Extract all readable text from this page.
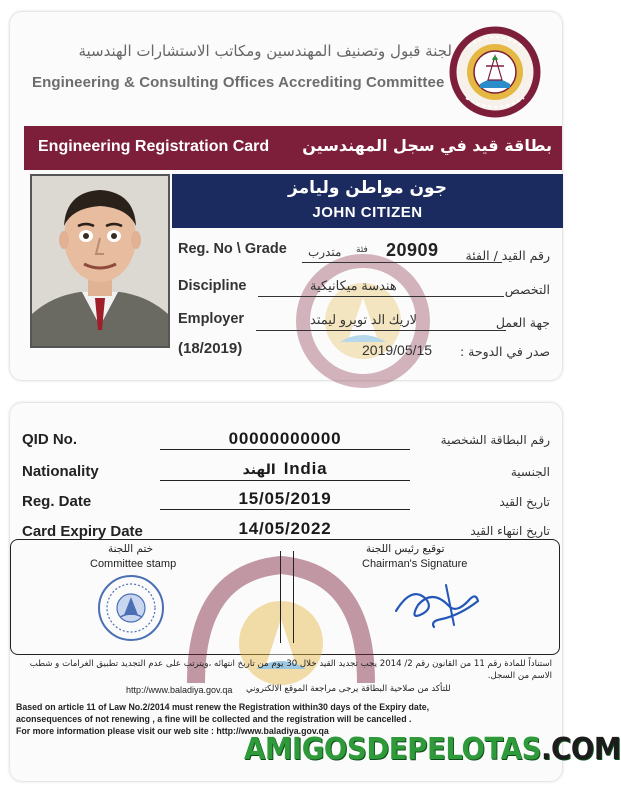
لجنة قبول وتصنيف المهندسين ومكاتب الاستشارات الهندسية
Engineering & Consulting Offices Accrediting Committee
Engineering Registration Card بطاقة قيد في سجل المهندسين
جون مواطن وليامز
JOHN CITIZEN
Reg. No \ Grade متدرب فئة 20909 رقم القيد / الفئة
Discipline	هندسة ميكانيكية	التخصص
Employer	لاريك الد تويرو ليمتد	جهة العمل
(18/2019)	2019/05/15 صدر في الدوحة :
QID No.	00000000000	رقم البطاقة الشخصية
Nationality	الهند India	الجنسية
Reg. Date	15/05/2019	تاريخ القيد
Card Expiry Date	14/05/2022	تاريخ انتهاء القيد
ختم اللجنة
Committee stamp
توقيع رئيس اللجنة
Chairman's Signature
استناداً للمادة رقم 11 من القانون رقم 2/ 2014 يجب تجديد القيد خلال 30 يوم من تاريخ انتهائه ،ويترتب على عدم التجديد تطبيق الغرامات و شطب الاسم من السجل.
http://www.baladiya.gov.qa للتأكد من صلاحية البطاقة يرجى مراجعة الموقع الالكتروني
Based on article 11 of Law No.2/2014 must renew the Registration within30 days of the Expiry date,
aconsequences of not renewing , a fine will be collected and the registration will be cancelled .
For more information please visit our web site : http://www.baladiya.gov.qa
AMIGOSDEPELOTAS.COM
